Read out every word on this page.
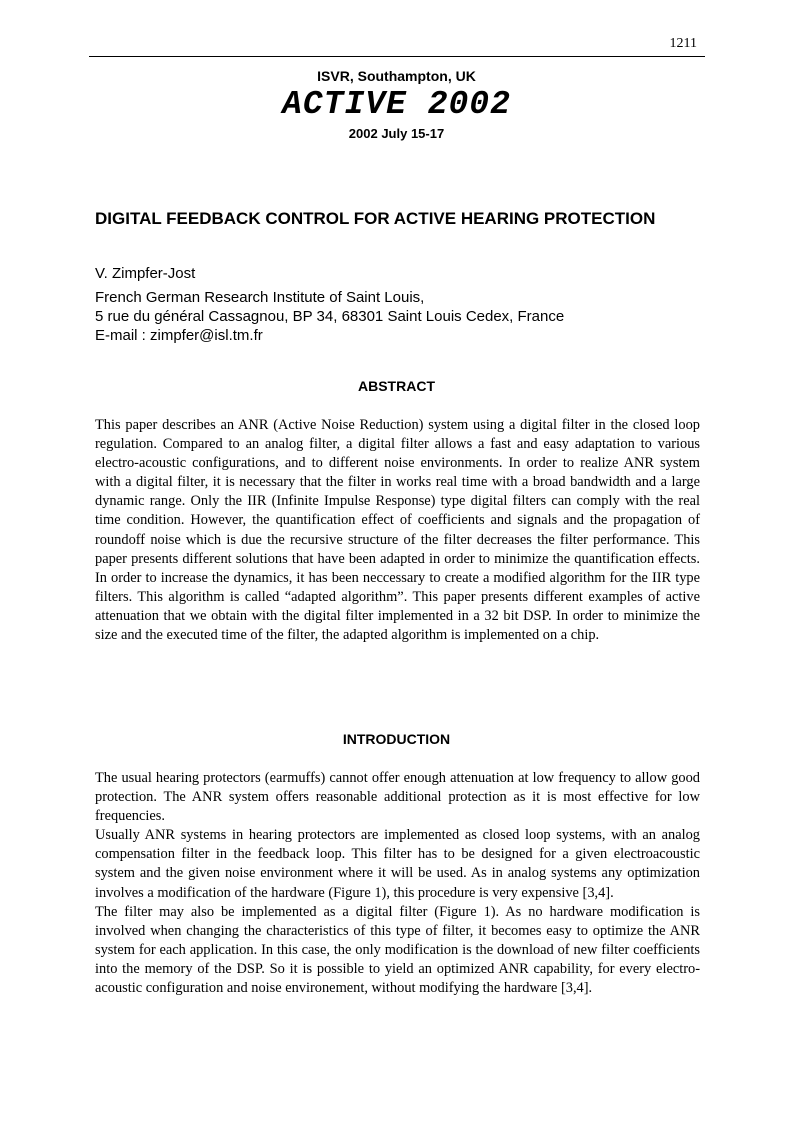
1211
ISVR, Southampton, UK
ACTIVE 2002
2002 July 15-17
DIGITAL FEEDBACK CONTROL FOR ACTIVE HEARING PROTECTION
V. Zimpfer-Jost
French German Research Institute of Saint Louis,
5 rue du général Cassagnou, BP 34, 68301 Saint Louis Cedex, France
E-mail : zimpfer@isl.tm.fr
ABSTRACT

This paper describes an ANR (Active Noise Reduction) system using a digital filter in the closed loop regulation. Compared to an analog filter, a digital filter allows a fast and easy adaptation to various electro-acoustic configurations, and to different noise environments. In order to realize ANR system with a digital filter, it is necessary that the filter in works real time with a broad bandwidth and a large dynamic range. Only the IIR (Infinite Impulse Response) type digital filters can comply with the real time condition. However, the quantification effect of coefficients and signals and the propagation of roundoff noise which is due the recursive structure of the filter decreases the filter performance. This paper presents different solutions that have been adapted in order to minimize the quantification effects. In order to increase the dynamics, it has been neccessary to create a modified algorithm for the IIR type filters. This algorithm is called “adapted algorithm”. This paper presents different examples of active attenuation that we obtain with the digital filter implemented in a 32 bit DSP. In order to minimize the size and the executed time of the filter, the adapted algorithm is implemented on a chip.

INTRODUCTION

The usual hearing protectors (earmuffs) cannot offer enough attenuation at low frequency to allow good protection. The ANR system offers reasonable additional protection as it is most effective for low frequencies.

Usually ANR systems in hearing protectors are implemented as closed loop systems, with an analog compensation filter in the feedback loop. This filter has to be designed for a given electroacoustic system and the given noise environment where it will be used. As in analog systems any optimization involves a modification of the hardware (Figure 1), this procedure is very expensive [3,4].

The filter may also be implemented as a digital filter (Figure 1). As no hardware modification is involved when changing the characteristics of this type of filter, it becomes easy to optimize the ANR system for each application. In this case, the only modification is the download of new filter coefficients into the memory of the DSP. So it is possible to yield an optimized ANR capability, for every electro-acoustic configuration and noise environement, without modifying the hardware [3,4].
